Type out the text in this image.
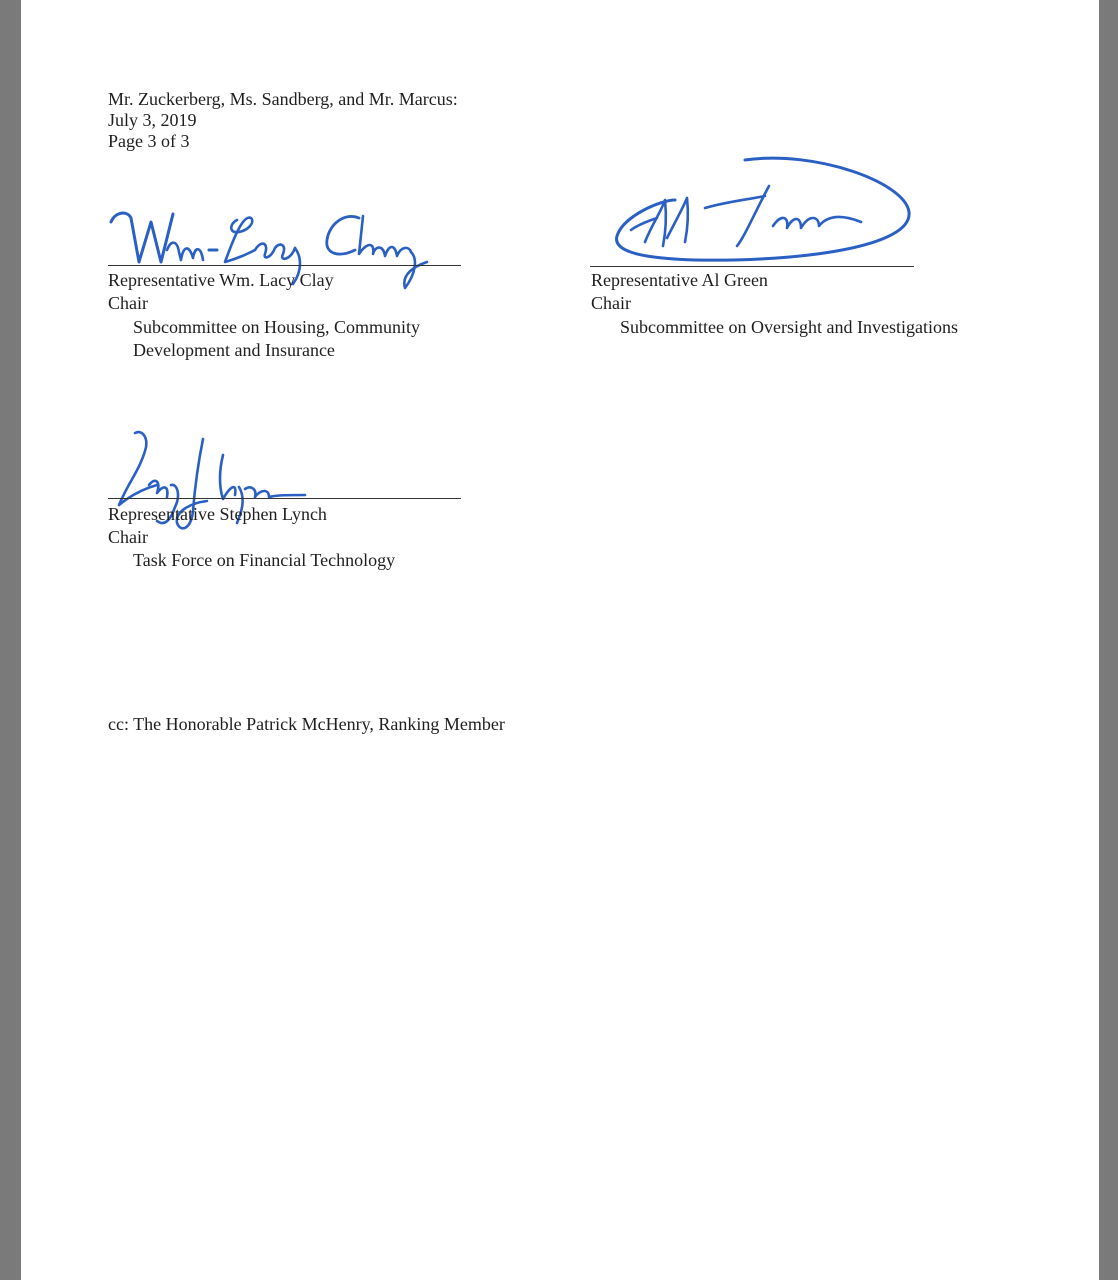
Mr. Zuckerberg, Ms. Sandberg, and Mr. Marcus:
July 3, 2019
Page 3 of 3
Representative Wm. Lacy Clay
Chair
Subcommittee on Housing, Community
Development and Insurance
Representative Al Green
Chair
Subcommittee on Oversight and Investigations
Representative Stephen Lynch
Chair
Task Force on Financial Technology
cc: The Honorable Patrick McHenry, Ranking Member
